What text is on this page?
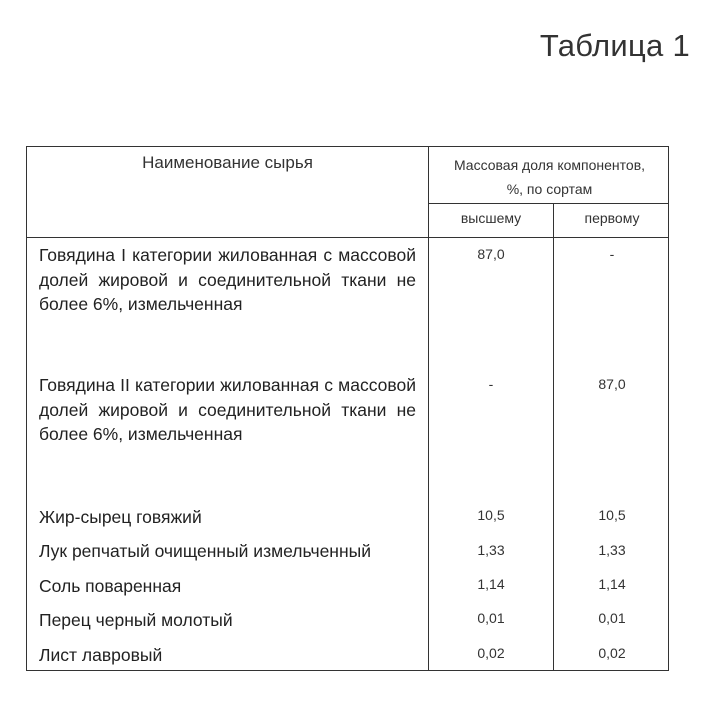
Таблица 1
Наименование сырья	Массовая доля компонентов,
%, по сортам
высшему	первому
Говядина I категории жилованная с массовой долей жировой и соединительной ткани не более 6%, измельченная
87,0	-
Говядина II категории жилованная с массовой долей жировой и соединительной ткани не более 6%, измельченная
-	87,0
Жир-сырец говяжий	10,5	10,5
Лук репчатый очищенный измельченный	1,33	1,33
Соль поваренная	1,14	1,14
Перец черный молотый	0,01	0,01
Лист лавровый	0,02	0,02
